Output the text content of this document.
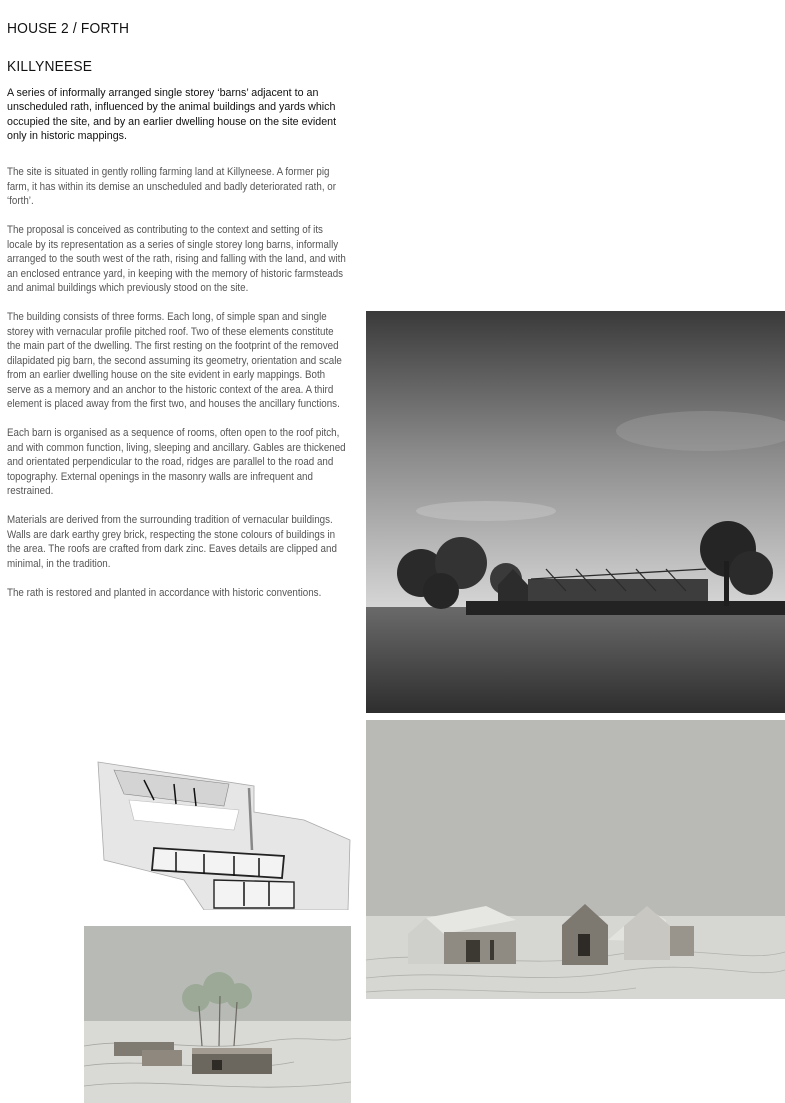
HOUSE 2 / FORTH
KILLYNEESE
A series of informally arranged single storey ‘barns’ adjacent to an unscheduled rath, influenced by the animal buildings and yards which occupied the site, and by an earlier dwelling house on the site evident only in historic mappings.

The site is situated in gently rolling farming land at Killyneese. A former pig farm, it has within its demise an unscheduled and badly deteriorated rath, or ‘forth’.

The proposal is conceived as contributing to the context and setting of its locale by its representation as a series of single storey long barns, informally arranged to the south west of the rath, rising and falling with the land, and with an enclosed entrance yard, in keeping with the memory of historic farmsteads and animal buildings which previously stood on the site.

The building consists of three forms. Each long, of simple span and single storey with vernacular profile pitched roof. Two of these elements constitute the main part of the dwelling. The first resting on the footprint of the removed dilapidated pig barn, the second assuming its geometry, orientation and scale from an earlier dwelling house on the site evident in early mappings. Both serve as a memory and an anchor to the historic context of the area. A third element is placed away from the first two, and houses the ancillary functions.

Each barn is organised as a sequence of rooms, often open to the roof pitch, and with common function, living, sleeping and ancillary. Gables are thickened and orientated perpendicular to the road, ridges are parallel to the road and topography. External openings in the masonry walls are infrequent and restrained.

Materials are derived from the surrounding tradition of vernacular buildings. Walls are dark earthy grey brick, respecting the stone colours of buildings in the area. The roofs are crafted from dark zinc. Eaves details are clipped and minimal, in the tradition.

The rath is restored and planted in accordance with historic conventions.
